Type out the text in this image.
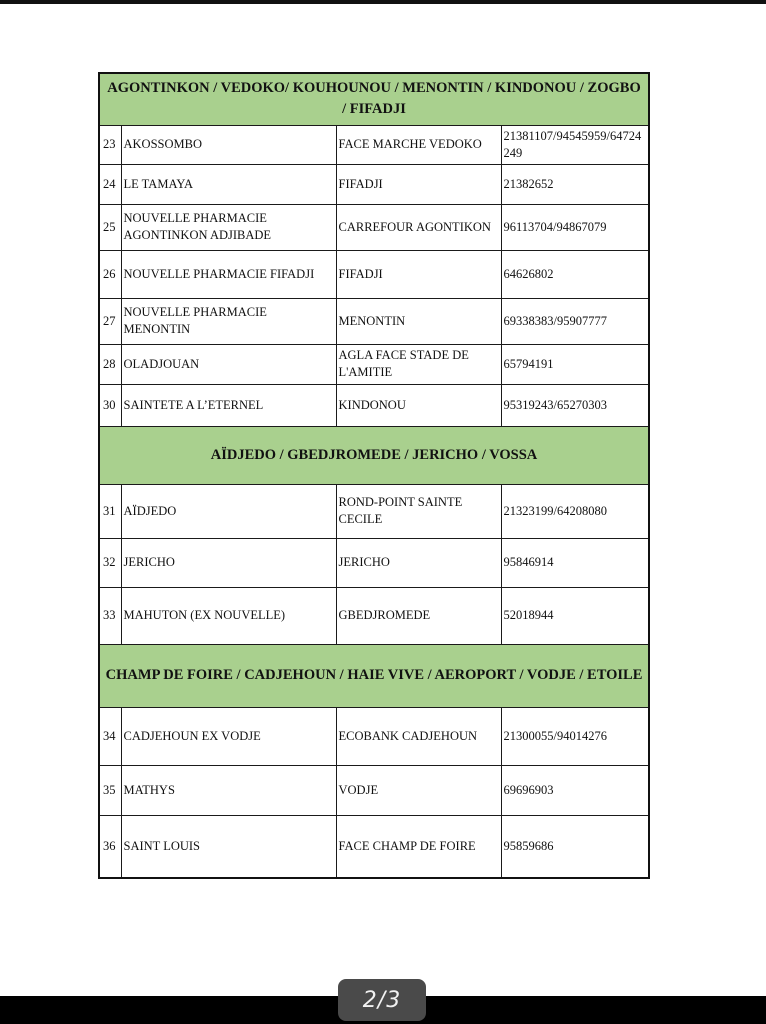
AGONTINKON / VEDOKO/ KOUHOUNOU / MENONTIN / KINDONOU / ZOGBO / FIFADJI			
23	AKOSSOMBO	FACE MARCHE VEDOKO	21381107/94545959/64724249
24	LE TAMAYA	FIFADJI	21382652
25	NOUVELLE PHARMACIE AGONTINKON ADJIBADE	CARREFOUR AGONTIKON	96113704/94867079
26	NOUVELLE PHARMACIE FIFADJI	FIFADJI	64626802
27	NOUVELLE PHARMACIE MENONTIN	MENONTIN	69338383/95907777
28	OLADJOUAN	AGLA FACE STADE DE L'AMITIE	65794191
30	SAINTETE A L’ETERNEL	KINDONOU	95319243/65270303
AÏDJEDO / GBEDJROMEDE / JERICHO / VOSSA			
31	AÏDJEDO	ROND-POINT SAINTE CECILE	21323199/64208080
32	JERICHO	JERICHO	95846914
33	MAHUTON (EX NOUVELLE)	GBEDJROMEDE	52018944
CHAMP DE FOIRE / CADJEHOUN / HAIE VIVE / AEROPORT / VODJE / ETOILE			
34	CADJEHOUN EX VODJE	ECOBANK CADJEHOUN	21300055/94014276
35	MATHYS	VODJE	69696903
36	SAINT LOUIS	FACE CHAMP DE FOIRE	95859686
2/3
